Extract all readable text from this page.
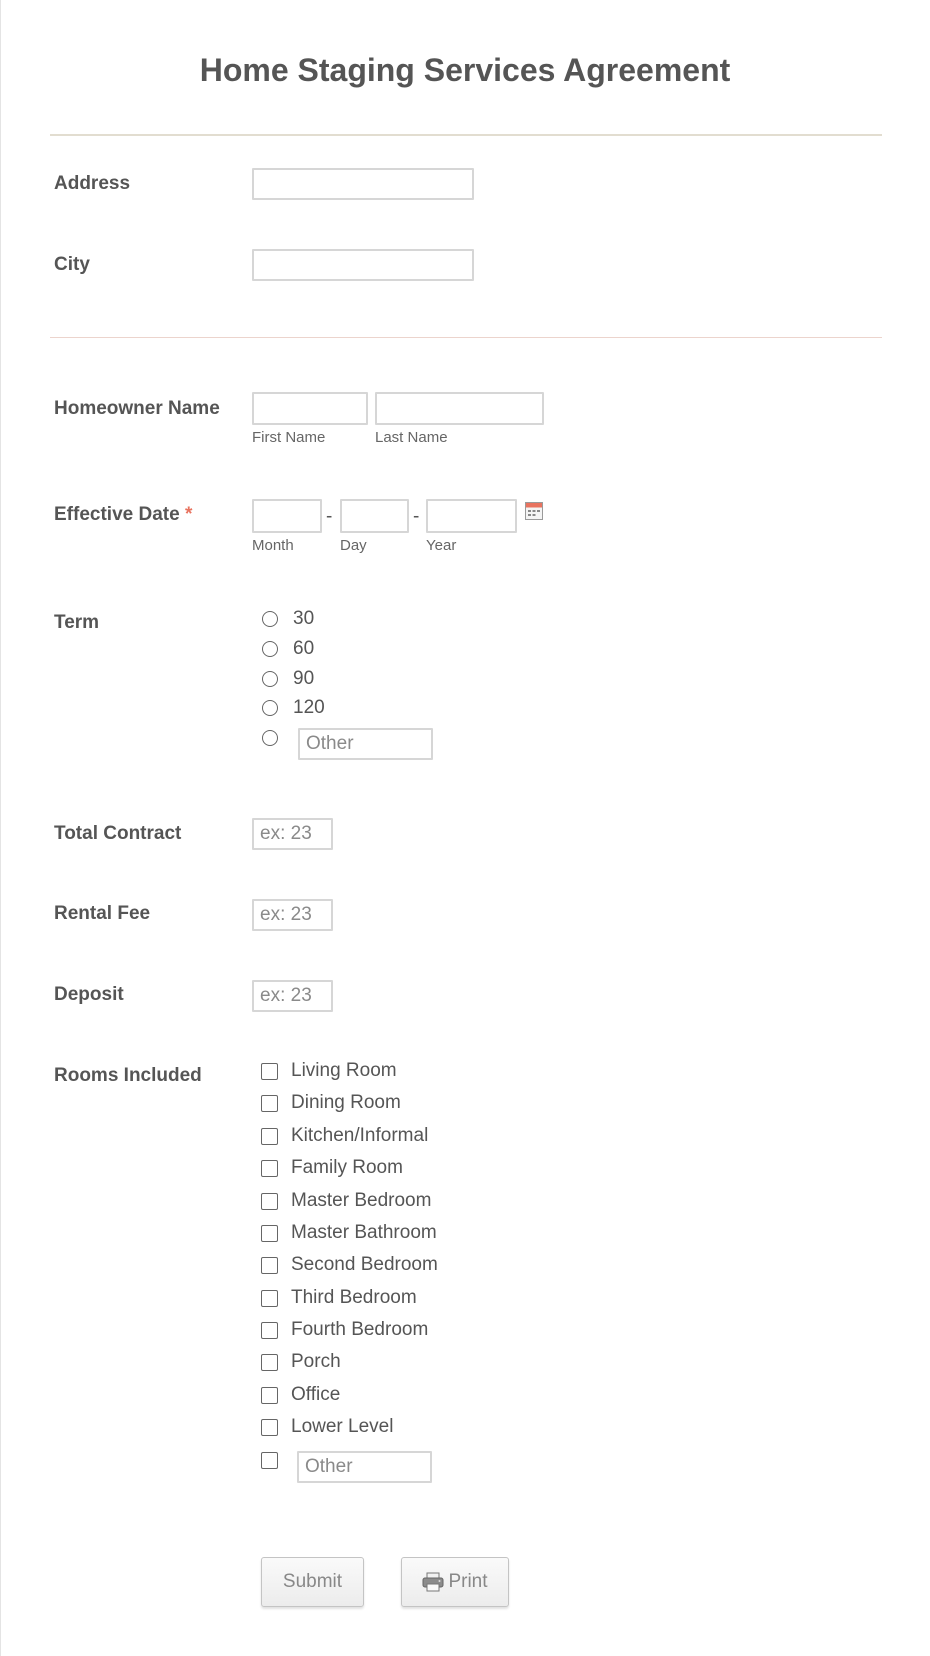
Home Staging Services Agreement
Address
City
Homeowner Name
First Name	Last Name
Effective Date *	-	-
Month	Day	Year
Term	30
60
90
120
Other
Total Contract
ex: 23
Rental Fee
ex: 23
Deposit
ex: 23
Rooms Included	Living Room
Dining Room
Kitchen/Informal
Family Room
Master Bedroom
Master Bathroom
Second Bedroom
Third Bedroom
Fourth Bedroom
Porch
Office
Lower Level
Other
Submit	Print
